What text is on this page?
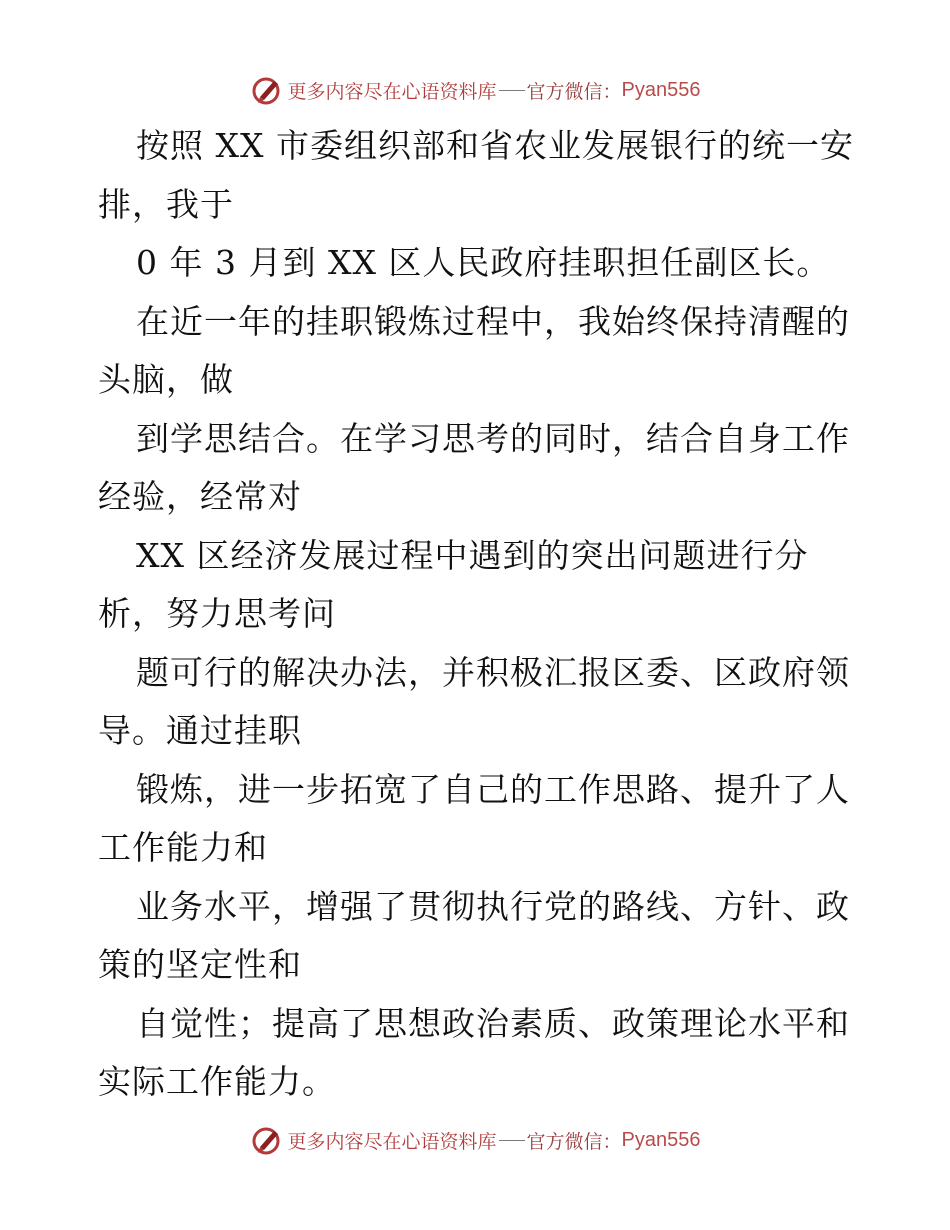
更多内容尽在心语资料库 官方微信： Pyan556
按照 XX 市委组织部和省农业发展银行的统一安
排，我于
0 年 3 月到 XX 区人民政府挂职担任副区长。
在近一年的挂职锻炼过程中，我始终保持清醒的
头脑，做
到学思结合。在学习思考的同时，结合自身工作
经验，经常对
XX 区经济发展过程中遇到的突出问题进行分
析，努力思考问
题可行的解决办法，并积极汇报区委、区政府领
导。通过挂职
锻炼，进一步拓宽了自己的工作思路、提升了人
工作能力和
业务水平，增强了贯彻执行党的路线、方针、政
策的坚定性和
自觉性；提高了思想政治素质、政策理论水平和
实际工作能力。
更多内容尽在心语资料库 官方微信： Pyan556
